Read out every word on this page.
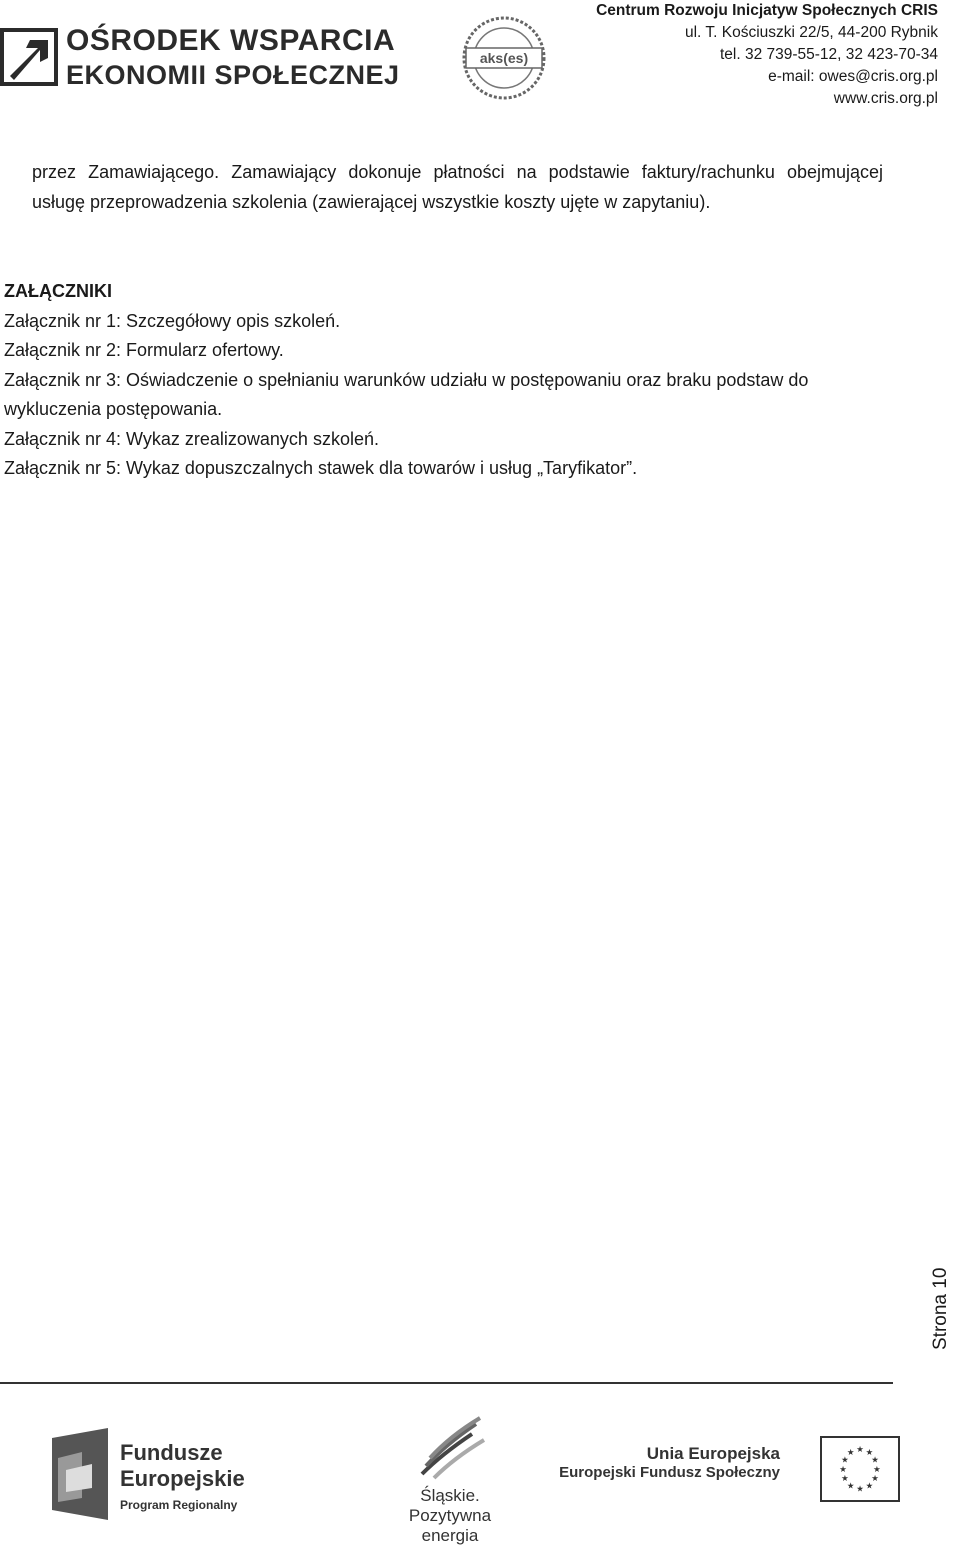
OŚRODEK WSPARCIA
EKONOMII SPOŁECZNEJ
aks(es)
Centrum Rozwoju Inicjatyw Społecznych CRIS
ul. T. Kościuszki 22/5, 44-200 Rybnik
tel. 32 739-55-12, 32 423-70-34
e-mail: owes@cris.org.pl
www.cris.org.pl
przez Zamawiającego. Zamawiający dokonuje płatności na podstawie faktury/rachunku obejmującej usługę przeprowadzenia szkolenia (zawierającej wszystkie koszty ujęte w zapytaniu).
ZAŁĄCZNIKI
Załącznik nr 1: Szczegółowy opis szkoleń.
Załącznik nr 2: Formularz ofertowy.
Załącznik nr 3: Oświadczenie o spełnianiu warunków udziału w postępowaniu oraz braku podstaw do wykluczenia postępowania.
Załącznik nr 4: Wykaz zrealizowanych szkoleń.
Załącznik nr 5: Wykaz dopuszczalnych stawek dla towarów i usług „Taryfikator”.
Strona 10
Fundusze
Europejskie
Program Regionalny	Śląskie.
Pozytywna energia
Unia Europejska
Europejski Fundusz Społeczny
★ ★
★
★
★
★
★
★
★
★
★
★
